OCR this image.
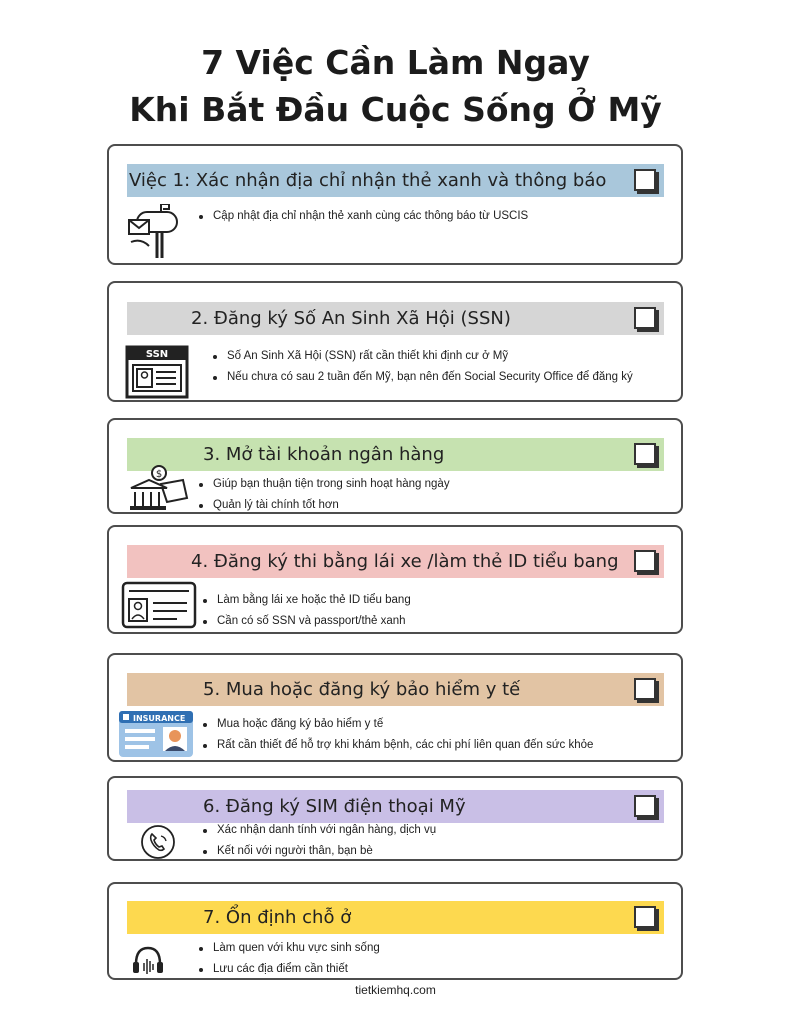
7 Việc Cần Làm Ngay
Khi Bắt Đầu Cuộc Sống Ở Mỹ
Việc 1: Xác nhận địa chỉ nhận thẻ xanh và thông báo
Cập nhật địa chỉ nhận thẻ xanh cùng các thông báo từ USCIS
2. Đăng ký Số An Sinh Xã Hội (SSN)
SSN	Số An Sinh Xã Hội (SSN) rất cần thiết khi định cư ở Mỹ
Nếu chưa có sau 2 tuần đến Mỹ, bạn nên đến Social Security Office để đăng ký
3. Mở tài khoản ngân hàng
$
Giúp bạn thuận tiện trong sinh hoạt hàng ngày
Quản lý tài chính tốt hơn
4. Đăng ký thi bằng lái xe /làm thẻ ID tiểu bang
Làm bằng lái xe hoặc thẻ ID tiểu bang
Cần có số SSN và passport/thẻ xanh
5. Mua hoặc đăng ký bảo hiểm y tế
INSURANCE	Mua hoặc đăng ký bảo hiểm y tế
Rất cần thiết để hỗ trợ khi khám bệnh, các chi phí liên quan đến sức khỏe
6. Đăng ký SIM điện thoại Mỹ
Xác nhận danh tính với ngân hàng, dịch vụ
Kết nối với người thân, bạn bè
7. Ổn định chỗ ở
Làm quen với khu vực sinh sống
Lưu các địa điểm cần thiết
tietkiemhq.com
